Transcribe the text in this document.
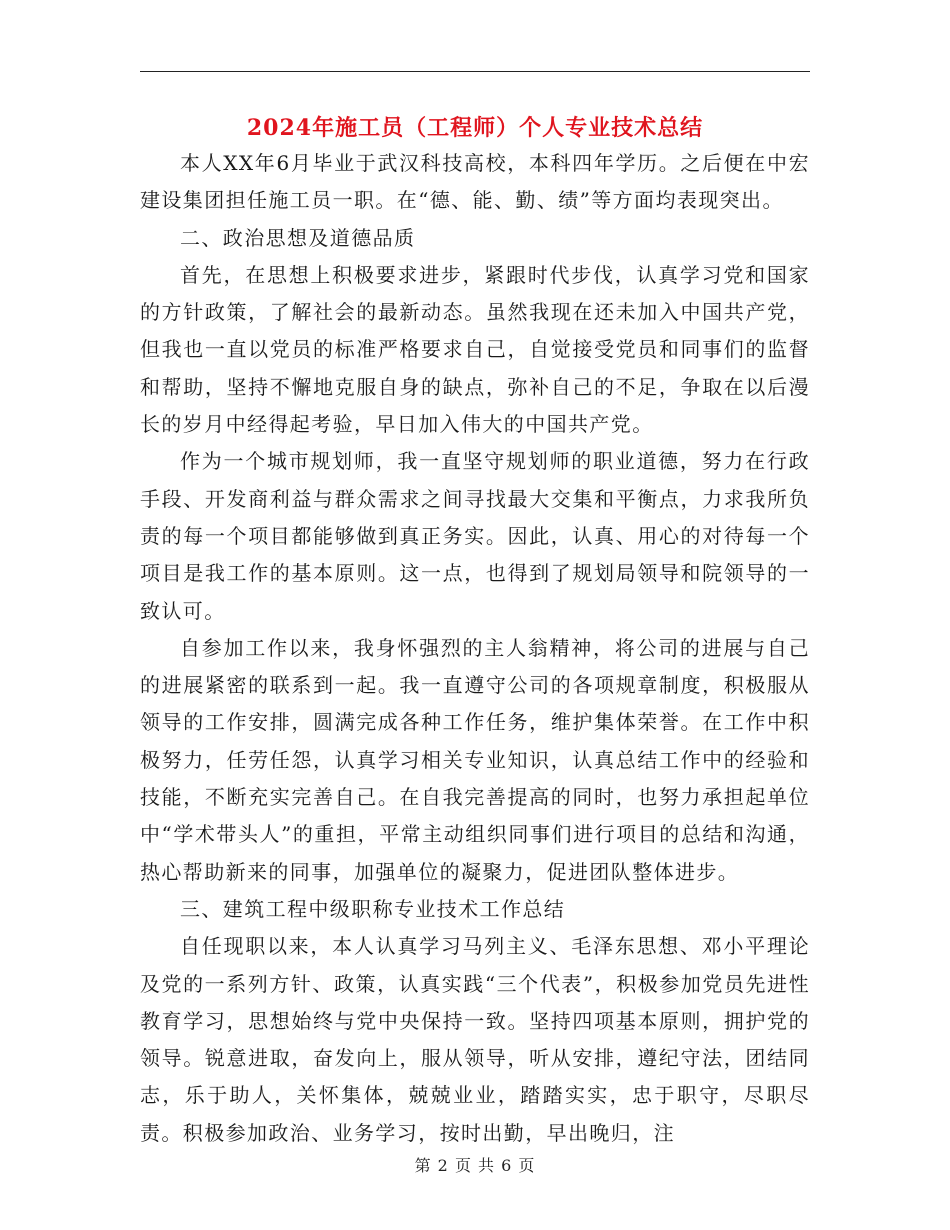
2024年施工员（工程师）个人专业技术总结

本人XX年6月毕业于武汉科技高校，本科四年学历。之后便在中宏建设集团担任施工员一职。在“德、能、勤、绩”等方面均表现突出。

二、政治思想及道德品质

首先，在思想上积极要求进步，紧跟时代步伐，认真学习党和国家的方针政策，了解社会的最新动态。虽然我现在还未加入中国共产党，但我也一直以党员的标准严格要求自己，自觉接受党员和同事们的监督和帮助，坚持不懈地克服自身的缺点，弥补自己的不足，争取在以后漫长的岁月中经得起考验，早日加入伟大的中国共产党。

作为一个城市规划师，我一直坚守规划师的职业道德，努力在行政手段、开发商利益与群众需求之间寻找最大交集和平衡点，力求我所负责的每一个项目都能够做到真正务实。因此，认真、用心的对待每一个项目是我工作的基本原则。这一点，也得到了规划局领导和院领导的一致认可。

自参加工作以来，我身怀强烈的主人翁精神，将公司的进展与自己的进展紧密的联系到一起。我一直遵守公司的各项规章制度，积极服从领导的工作安排，圆满完成各种工作任务，维护集体荣誉。在工作中积极努力，任劳任怨，认真学习相关专业知识，认真总结工作中的经验和技能，不断充实完善自己。在自我完善提高的同时，也努力承担起单位中“学术带头人”的重担，平常主动组织同事们进行项目的总结和沟通，热心帮助新来的同事，加强单位的凝聚力，促进团队整体进步。

三、建筑工程中级职称专业技术工作总结

自任现职以来，本人认真学习马列主义、毛泽东思想、邓小平理论及党的一系列方针、政策，认真实践“三个代表”，积极参加党员先进性教育学习，思想始终与党中央保持一致。坚持四项基本原则，拥护党的领导。锐意进取，奋发向上，服从领导，听从安排，遵纪守法，团结同志，乐于助人，关怀集体，兢兢业业，踏踏实实，忠于职守，尽职尽责。积极参加政治、业务学习，按时出勤，早出晚归，注

第 2 页 共 6 页
